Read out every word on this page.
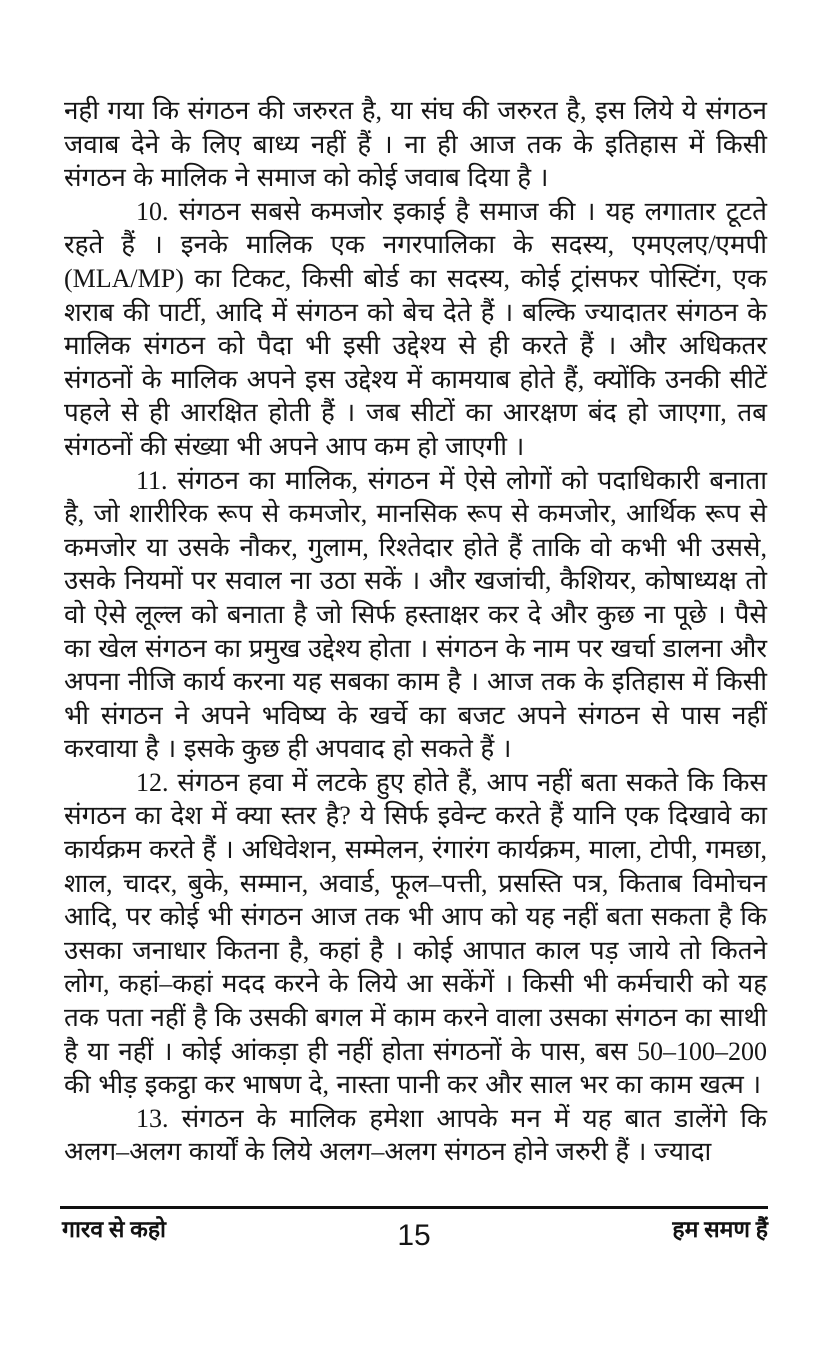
नही गया कि संगठन की जरुरत है, या संघ की जरुरत है, इस लिये ये संगठन जवाब देने के लिए बाध्य नहीं हैं । ना ही आज तक के इतिहास में किसी संगठन के मालिक ने समाज को कोई जवाब दिया है ।

10. संगठन सबसे कमजोर इकाई है समाज की । यह लगातार टूटते रहते हैं । इनके मालिक एक नगरपालिका के सदस्य, एमएलए/एमपी (MLA/MP) का टिकट, किसी बोर्ड का सदस्य, कोई ट्रांसफर पोस्टिंग, एक शराब की पार्टी, आदि में संगठन को बेच देते हैं । बल्कि ज्यादातर संगठन के मालिक संगठन को पैदा भी इसी उद्देश्य से ही करते हैं । और अधिकतर संगठनों के मालिक अपने इस उद्देश्य में कामयाब होते हैं, क्योंकि उनकी सीटें पहले से ही आरक्षित होती हैं । जब सीटों का आरक्षण बंद हो जाएगा, तब संगठनों की संख्या भी अपने आप कम हो जाएगी ।

11. संगठन का मालिक, संगठन में ऐसे लोगों को पदाधिकारी बनाता है, जो शारीरिक रूप से कमजोर, मानसिक रूप से कमजोर, आर्थिक रूप से कमजोर या उसके नौकर, गुलाम, रिश्तेदार होते हैं ताकि वो कभी भी उससे, उसके नियमों पर सवाल ना उठा सकें । और खजांची, कैशियर, कोषाध्यक्ष तो वो ऐसे लूल्ल को बनाता है जो सिर्फ हस्ताक्षर कर दे और कुछ ना पूछे । पैसे का खेल संगठन का प्रमुख उद्देश्य होता । संगठन के नाम पर खर्चा डालना और अपना नीजि कार्य करना यह सबका काम है । आज तक के इतिहास में किसी भी संगठन ने अपने भविष्य के खर्चे का बजट अपने संगठन से पास नहीं करवाया है । इसके कुछ ही अपवाद हो सकते हैं ।

12. संगठन हवा में लटके हुए होते हैं, आप नहीं बता सकते कि किस संगठन का देश में क्या स्तर है? ये सिर्फ इवेन्ट करते हैं यानि एक दिखावे का कार्यक्रम करते हैं । अधिवेशन, सम्मेलन, रंगारंग कार्यक्रम, माला, टोपी, गमछा, शाल, चादर, बुके, सम्मान, अवार्ड, फूल–पत्ती, प्रसस्ति पत्र, किताब विमोचन आदि, पर कोई भी संगठन आज तक भी आप को यह नहीं बता सकता है कि उसका जनाधार कितना है, कहां है । कोई आपात काल पड़ जाये तो कितने लोग, कहां–कहां मदद करने के लिये आ सकेंगें । किसी भी कर्मचारी को यह तक पता नहीं है कि उसकी बगल में काम करने वाला उसका संगठन का साथी है या नहीं । कोई आंकड़ा ही नहीं होता संगठनों के पास, बस 50–100–200 की भीड़ इकट्ठा कर भाषण दे, नास्ता पानी कर और साल भर का काम खत्म ।

13. संगठन के मालिक हमेशा आपके मन में यह बात डालेंगे कि अलग–अलग कार्यों के लिये अलग–अलग संगठन होने जरुरी हैं । ज्यादा

गारव से कहो	15	हम समण हैं
